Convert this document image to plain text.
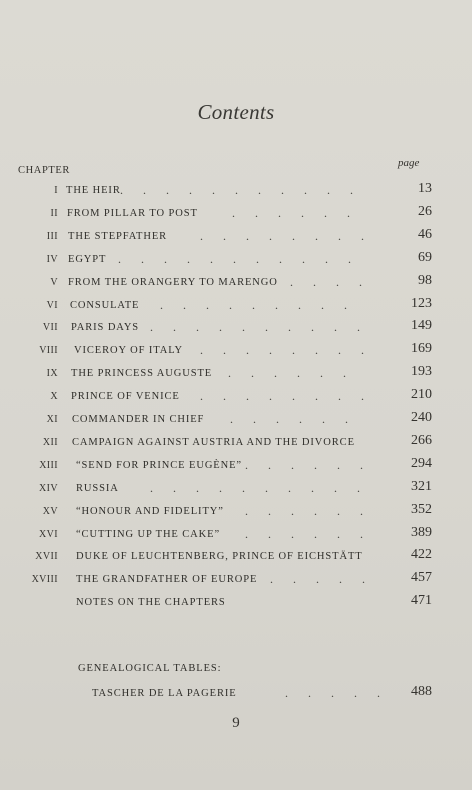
Contents
CHAPTER
page
I THE HEIR ...........	13
II FROM PILLAR TO POST	......	26
III THE STEPFATHER	........ 46
IV EGYPT ...........	69
V FROM THE ORANGERY TO MARENGO ....	98
VI CONSULATE .........	123
VII PARIS DAYS .......... 149
VIII VICEROY OF ITALY ........ 169
IX THE PRINCESS AUGUSTE ......	193
X PRINCE OF VENICE ........ 210
XI COMMANDER IN CHIEF ......	240
XII CAMPAIGN AGAINST AUSTRIA AND THE DIVORCE	266
XIII “SEND FOR PRINCE EUGÈNE” ...... 294
XIV RUSSIA	.......... 321
XV “HONOUR AND FIDELITY” ...... 352
XVI “CUTTING UP THE CAKE” ...... 389
XVII DUKE OF LEUCHTENBERG, PRINCE OF EICHSTÄTT	422
XVIII THE GRANDFATHER OF EUROPE ..... 457
NOTES ON THE CHAPTERS	471
GENEALOGICAL TABLES:
TASCHER DE LA PAGERIE	..... 488
9
